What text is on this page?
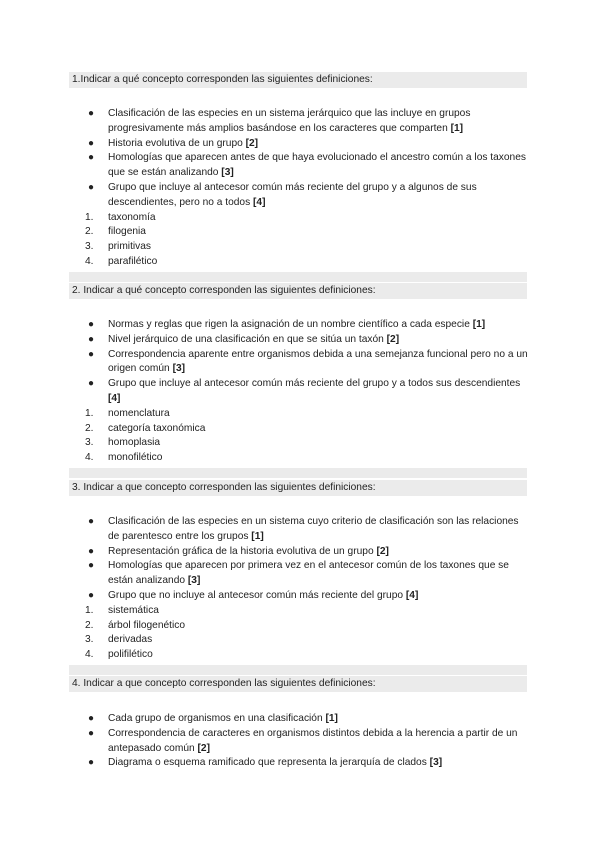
1.Indicar a qué concepto corresponden las siguientes definiciones:
●	Clasificación de las especies en un sistema jerárquico que las incluye en grupos progresivamente más amplios basándose en los caracteres que comparten [1]
●	Historia evolutiva de un grupo [2]
●	Homologías que aparecen antes de que haya evolucionado el ancestro común a los taxones que se están analizando [3]
●	Grupo que incluye al antecesor común más reciente del grupo y a algunos de sus descendientes, pero no a todos [4]
1.	taxonomía
2.	filogenia
3.	primitivas
4.	parafilético
2. Indicar a qué concepto corresponden las siguientes definiciones:
●	Normas y reglas que rigen la asignación de un nombre científico a cada especie [1]
●	Nivel jerárquico de una clasificación en que se sitúa un taxón [2]
●	Correspondencia aparente entre organismos debida a una semejanza funcional pero no a un origen común [3]
●	Grupo que incluye al antecesor común más reciente del grupo y a todos sus descendientes [4]
1.	nomenclatura
2.	categoría taxonómica
3.	homoplasia
4.	monofilético
3. Indicar a que concepto corresponden las siguientes definiciones:
●	Clasificación de las especies en un sistema cuyo criterio de clasificación son las relaciones de parentesco entre los grupos [1]
●	Representación gráfica de la historia evolutiva de un grupo [2]
●	Homologías que aparecen por primera vez en el antecesor común de los taxones que se están analizando [3]
●	Grupo que no incluye al antecesor común más reciente del grupo [4]
1.	sistemática
2.	árbol filogenético
3.	derivadas
4.	polifilético
4. Indicar a que concepto corresponden las siguientes definiciones:
●	Cada grupo de organismos en una clasificación [1]
●	Correspondencia de caracteres en organismos distintos debida a la herencia a partir de un antepasado común [2]
●	Diagrama o esquema ramificado que representa la jerarquía de clados [3]
